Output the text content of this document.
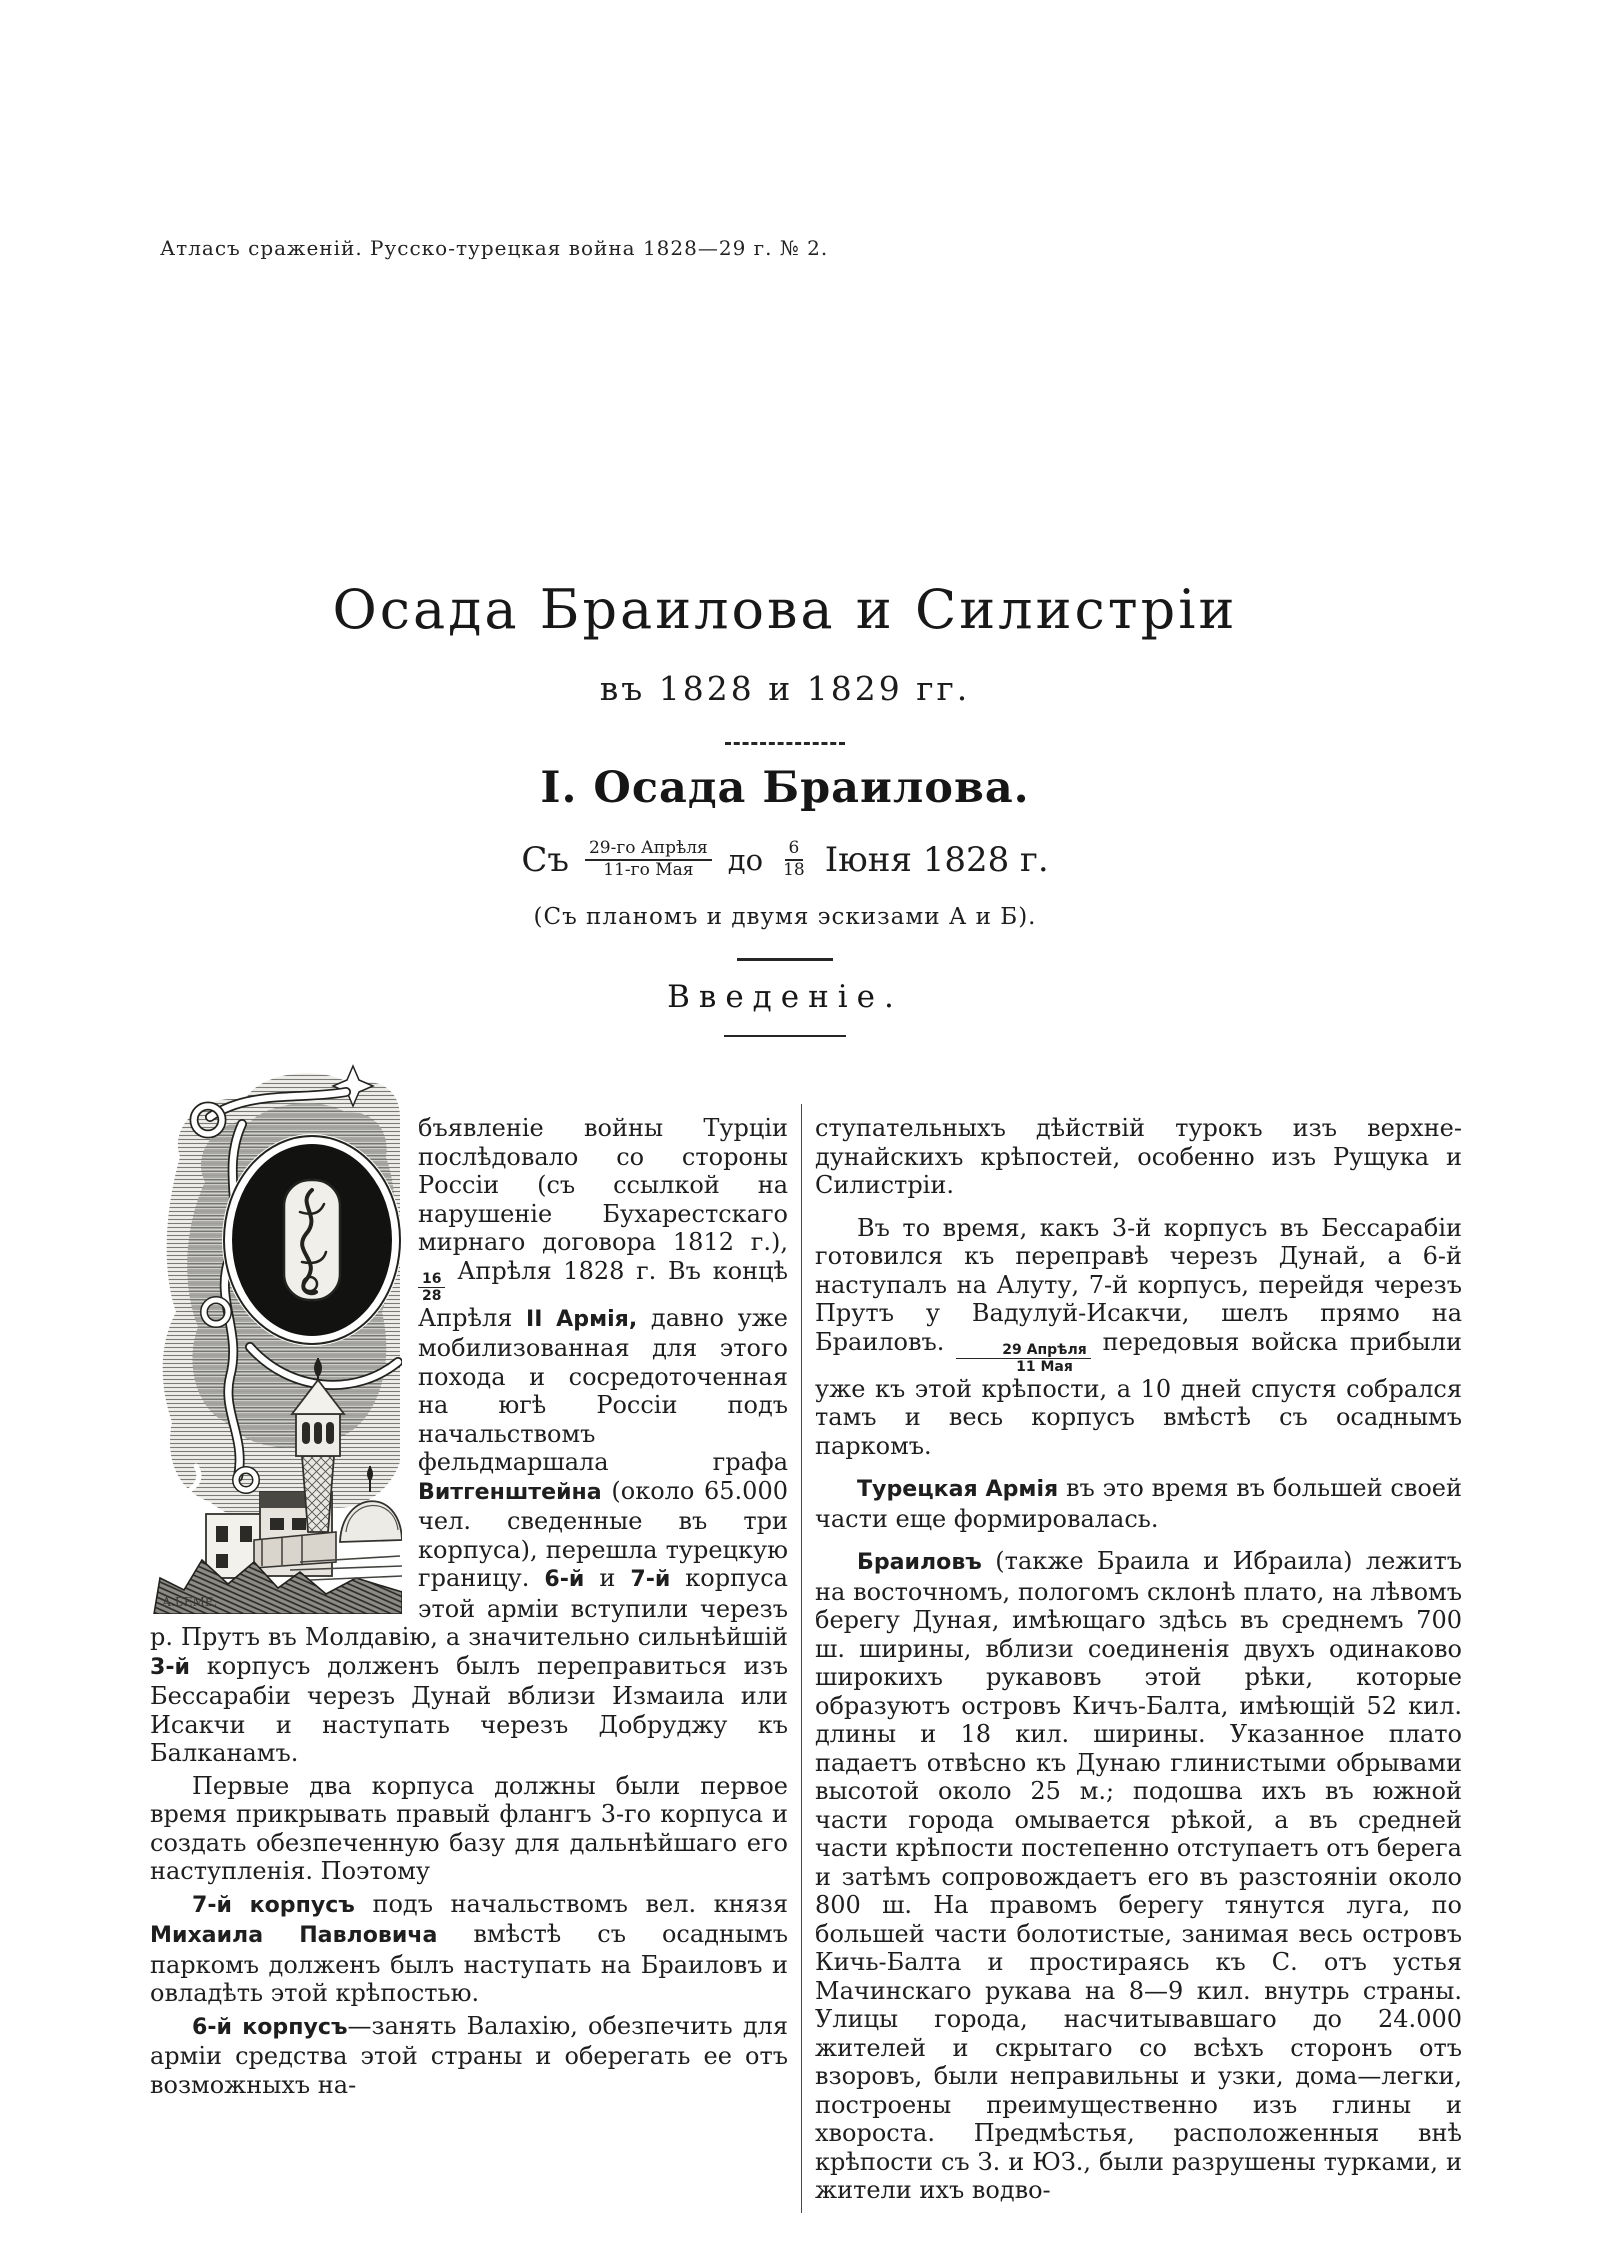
Атласъ сраженій. Русско-турецкая война 1828—29 г. № 2.
Осада Браилова и Силистріи
въ 1828 и 1829 гг.
I. Осада Браилова.
Съ $\frac{\text{29-го Апрѣля}}{\text{11-го Мая}}$ до $\frac{6}{18}$ Іюня 1828 г.
(Съ планомъ и двумя эскизами А и Б).
Введеніе.
А.БЕМЕ.

бъявленіе войны Турціи послѣдовало со стороны Россіи (съ ссылкой на нарушеніе Бухарестскаго мирнаго договора 1812 г.),
$\frac{16}{28}$ Апрѣля 1828 г. Въ концѣ Апрѣля II Армія, давно уже мобилизованная для этого похода и сосредоточенная на югѣ Россіи подъ начальствомъ фельдмаршала графа Витгенштейна (около 65.000 чел. сведенные въ три корпуса), перешла турецкую границу. 6-й и 7-й корпуса этой арміи вступили черезъ р. Прутъ въ Молдавію, а значительно сильнѣйшій 3-й корпусъ долженъ былъ переправиться изъ Бессарабіи черезъ Дунай вблизи Измаила или Исакчи и наступать черезъ Добруджу къ Балканамъ.

Первые два корпуса должны были первое время прикрывать правый флангъ 3-го корпуса и создать обезпеченную базу для дальнѣйшаго его наступленія. Поэтому

7-й корпусъ подъ начальствомъ вел. князя Михаила Павловича вмѣстѣ съ осаднымъ паркомъ долженъ былъ наступать на Браиловъ и овладѣть этой крѣпостью.

6-й корпусъ—занять Валахію, обезпечить для арміи средства этой страны и оберегать ее отъ возможныхъ на-

ступательныхъ дѣйствій турокъ изъ верхне-дунайскихъ крѣпостей, особенно изъ Рущука и Силистріи.

Въ то время, какъ 3-й корпусъ въ Бессарабіи готовился къ переправѣ черезъ Дунай, а 6-й наступалъ на Алуту, 7-й корпусъ, перейдя черезъ Прутъ у Вадулуй-Исакчи, шелъ прямо на Браиловъ. $\frac{\text{29 Апрѣля}}{\text{11 Мая}}$ передовыя войска прибыли уже къ этой крѣпости, а 10 дней спустя собрался тамъ и весь корпусъ вмѣстѣ съ осаднымъ паркомъ.

Турецкая Армія въ это время въ большей своей части еще формировалась.

Браиловъ (также Браила и Ибраила) лежитъ на восточномъ, пологомъ склонѣ плато, на лѣвомъ берегу Дуная, имѣющаго здѣсь въ среднемъ 700 ш. ширины, вблизи соединенія двухъ одинаково широкихъ рукавовъ этой рѣки, которые образуютъ островъ Кичъ-Балта, имѣющій 52 кил. длины и 18 кил. ширины. Указанное плато падаетъ отвѣсно къ Дунаю глинистыми обрывами высотой около 25 м.; подошва ихъ въ южной части города омывается рѣкой, а въ средней части крѣпости постепенно отступаетъ отъ берега и затѣмъ сопровождаетъ его въ разстояніи около 800 ш. На правомъ берегу тянутся луга, по большей части болотистые, занимая весь островъ Кичь-Балта и простираясь къ С. отъ устья Мачинскаго рукава на 8—9 кил. внутрь страны. Улицы города, насчитывавшаго до 24.000 жителей и скрытаго со всѣхъ сторонъ отъ взоровъ, были неправильны и узки, дома—легки, построены преимущественно изъ глины и хвороста. Предмѣстья, расположенныя внѣ крѣпости съ З. и ЮЗ., были разрушены турками, и жители ихъ водво-
